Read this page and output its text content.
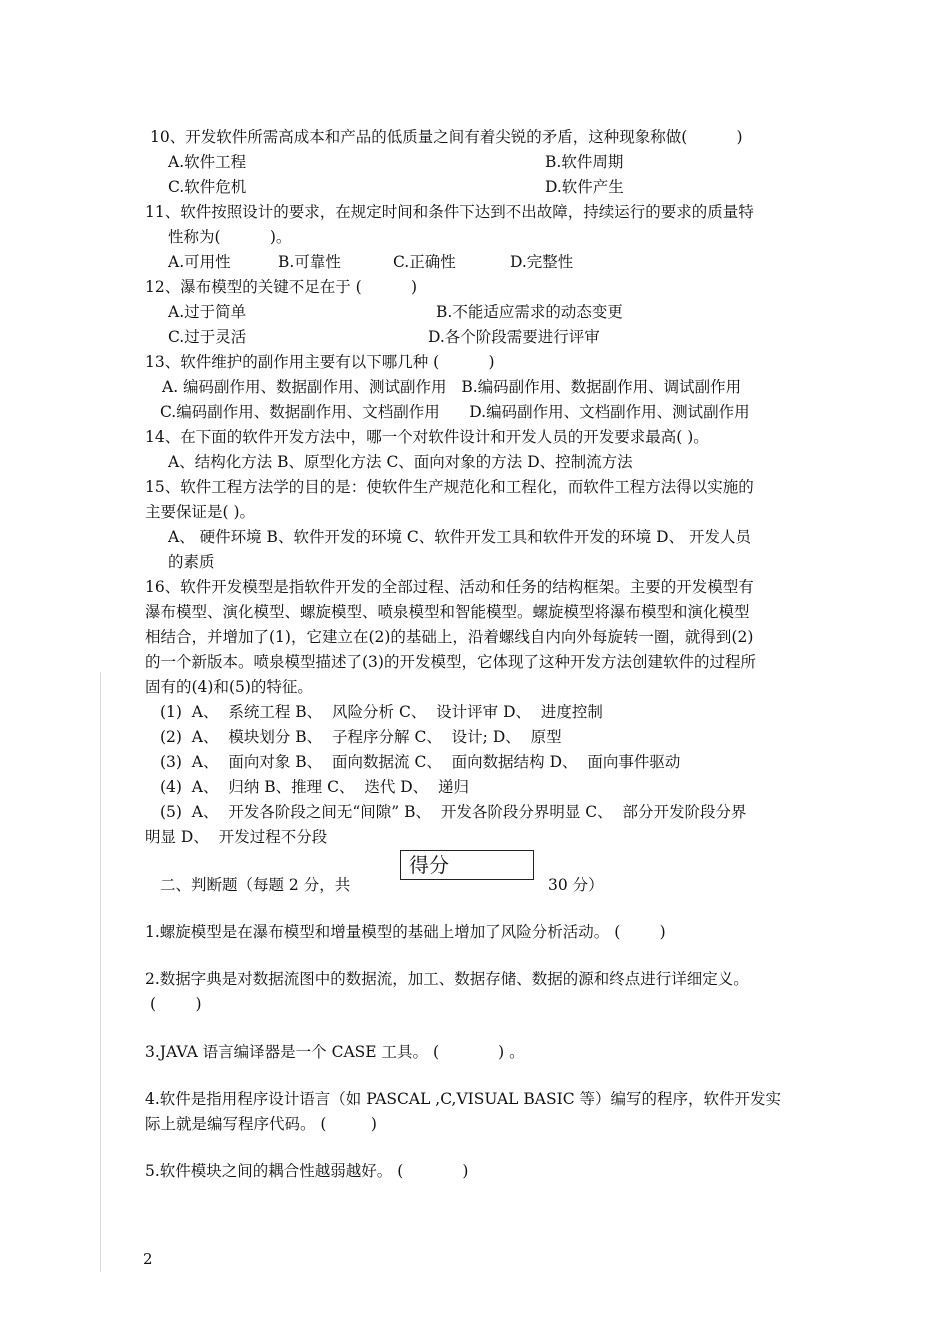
10、开发软件所需高成本和产品的低质量之间有着尖锐的矛盾，这种现象称做(          )
A.软件工程	B.软件周期
C.软件危机	D.软件产生
11、软件按照设计的要求，在规定时间和条件下达到不出故障，持续运行的要求的质量特
性称为(          )。
A.可用性	B.可靠性	C.正确性	D.完整性
12、瀑布模型的关键不足在于 (          )
A.过于简单	B.不能适应需求的动态变更
C.过于灵活	D.各个阶段需要进行评审
13、软件维护的副作用主要有以下哪几种 (          )
A. 编码副作用、数据副作用、测试副作用   B.编码副作用、数据副作用、调试副作用
C.编码副作用、数据副作用、文档副作用      D.编码副作用、文档副作用、测试副作用
14、在下面的软件开发方法中，哪一个对软件设计和开发人员的开发要求最高( )。
A、结构化方法 B、原型化方法 C、面向对象的方法 D、控制流方法
15、软件工程方法学的目的是：使软件生产规范化和工程化，而软件工程方法得以实施的
主要保证是( )。
A、 硬件环境 B、软件开发的环境 C、软件开发工具和软件开发的环境 D、 开发人员
的素质
16、软件开发模型是指软件开发的全部过程、活动和任务的结构框架。主要的开发模型有
瀑布模型、演化模型、螺旋模型、喷泉模型和智能模型。螺旋模型将瀑布模型和演化模型
相结合，并增加了(1)，它建立在(2)的基础上，沿着螺线自内向外每旋转一圈，就得到(2)
的一个新版本。喷泉模型描述了(3)的开发模型，它体现了这种开发方法创建软件的过程所
固有的(4)和(5)的特征。
(1)  A、  系统工程 B、  风险分析 C、  设计评审 D、  进度控制
(2)  A、  模块划分 B、  子程序分解 C、  设计; D、  原型
(3)  A、  面向对象 B、  面向数据流 C、  面向数据结构 D、  面向事件驱动
(4)  A、  归纳 B、推理 C、  迭代 D、  递归
(5)  A、  开发各阶段之间无“间隙” B、  开发各阶段分界明显 C、  部分开发阶段分界
明显 D、  开发过程不分段
二、判断题（每题 2 分，共
得分
30 分）
1.螺旋模型是在瀑布模型和增量模型的基础上增加了风险分析活动。 (        )
2.数据字典是对数据流图中的数据流，加工、数据存储、数据的源和终点进行详细定义。
(        )
3.JAVA 语言编译器是一个 CASE 工具。 (            ) 。
4.软件是指用程序设计语言（如 PASCAL ,C,VISUAL BASIC 等）编写的程序，软件开发实
际上就是编写程序代码。 (         )
5.软件模块之间的耦合性越弱越好。 (            )
2
